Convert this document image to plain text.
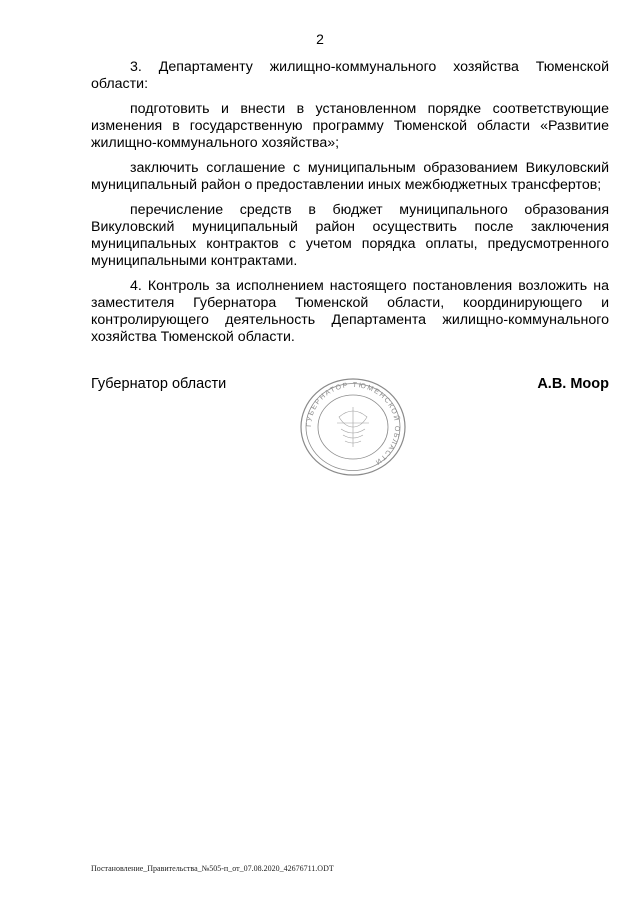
2

3. Департаменту жилищно-коммунального хозяйства Тюменской области:

подготовить и внести в установленном порядке соответствующие изменения в государственную программу Тюменской области «Развитие жилищно-коммунального хозяйства»;

заключить соглашение с муниципальным образованием Викуловский муниципальный район о предоставлении иных межбюджетных трансфертов;

перечисление средств в бюджет муниципального образования Викуловский муниципальный район осуществить после заключения муниципальных контрактов с учетом порядка оплаты, предусмотренного муниципальными контрактами.

4. Контроль за исполнением настоящего постановления возложить на заместителя Губернатора Тюменской области, координирующего и контролирующего деятельность Департамента жилищно-коммунального хозяйства Тюменской области.

Губернатор области	А.В. Моор
ГУБЕРНАТОР ТЮМЕНСКОЙ ОБЛАСТИ
Постановление_Правительства_№505-п_от_07.08.2020_42676711.ODT
